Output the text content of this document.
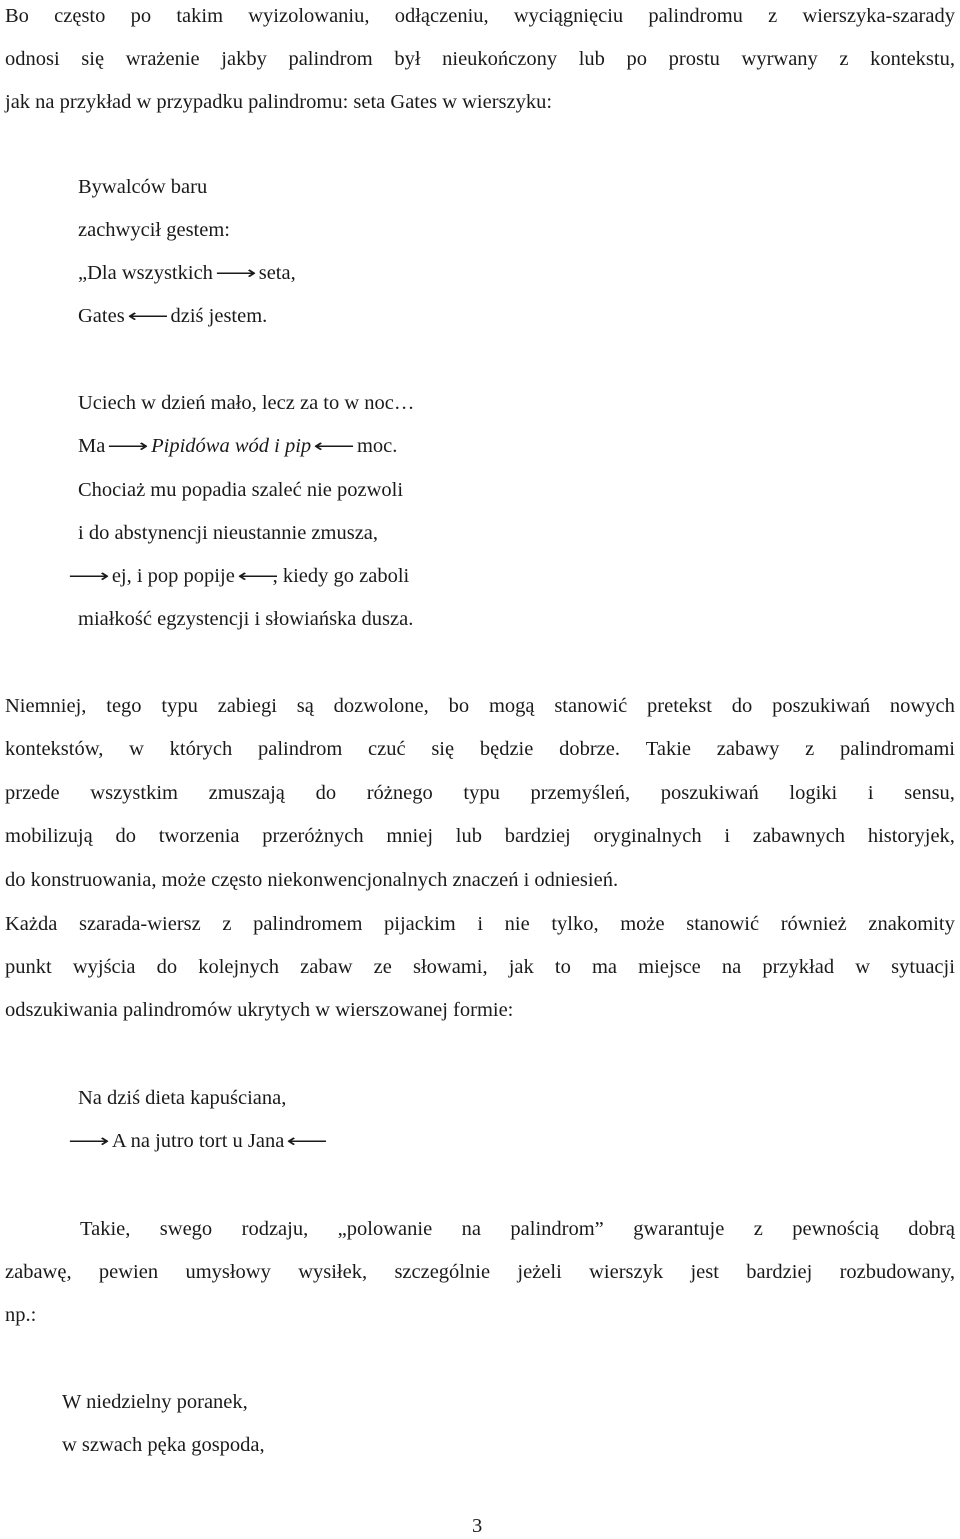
Bo często po takim wyizolowaniu, odłączeniu, wyciągnięciu palindromu z wierszyka-szarady
odnosi się wrażenie jakby palindrom był nieukończony lub po prostu wyrwany z kontekstu,
jak na przykład w przypadku palindromu: seta Gates w wierszyku:
Bywalców baru
zachwycił gestem:
„Dla wszystkich ⟶ seta,
Gates ⟵ dziś jestem.
Uciech w dzień mało, lecz za to w noc…
Ma ⟶ Pipidówa wód i pip ⟵ moc.
Chociaż mu popadia szaleć nie pozwoli
i do abstynencji nieustannie zmusza,
⟶ ej, i pop popije ⟵, kiedy go zaboli
miałkość egzystencji i słowiańska dusza.
Niemniej, tego typu zabiegi są dozwolone, bo mogą stanowić pretekst do poszukiwań nowych
kontekstów, w których palindrom czuć się będzie dobrze. Takie zabawy z palindromami
przede wszystkim zmuszają do różnego typu przemyśleń, poszukiwań logiki i sensu,
mobilizują do tworzenia przeróżnych mniej lub bardziej oryginalnych i zabawnych historyjek,
do konstruowania, może często niekonwencjonalnych znaczeń i odniesień.
Każda szarada-wiersz z palindromem pijackim i nie tylko, może stanowić również znakomity
punkt wyjścia do kolejnych zabaw ze słowami, jak to ma miejsce na przykład w sytuacji
odszukiwania palindromów ukrytych w wierszowanej formie:
Na dziś dieta kapuściana,
⟶ A na jutro tort u Jana ⟵
Takie, swego rodzaju, „polowanie na palindrom” gwarantuje z pewnością dobrą
zabawę, pewien umysłowy wysiłek, szczególnie jeżeli wierszyk jest bardziej rozbudowany,
np.:
W niedzielny poranek,
w szwach pęka gospoda,
3
